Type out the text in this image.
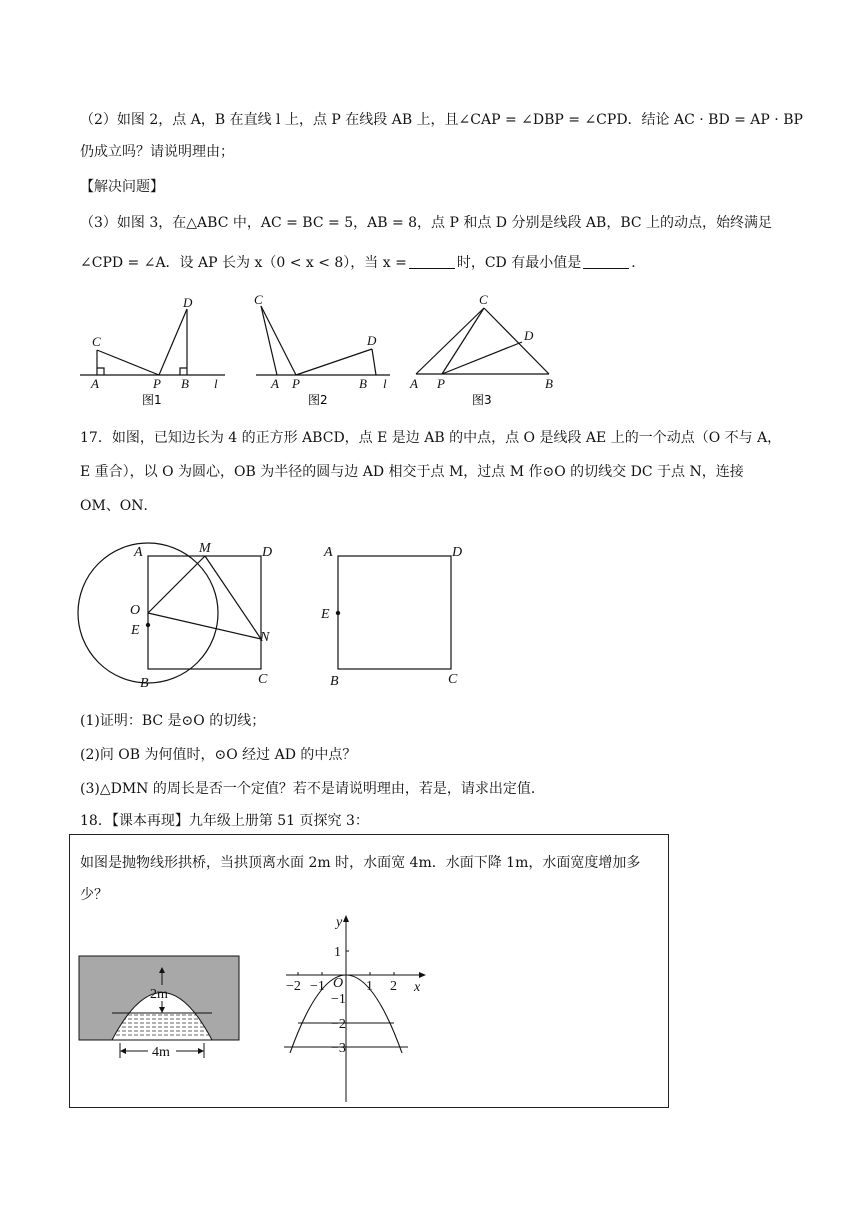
（2）如图 2，点 A，B 在直线 l 上，点 P 在线段 AB 上，且∠CAP = ∠DBP = ∠CPD．结论 AC · BD = AP · BP
仍成立吗？请说明理由；
【解决问题】
（3）如图 3，在△ABC 中，AC = BC = 5，AB = 8，点 P 和点 D 分别是线段 AB，BC 上的动点，始终满足
∠CPD = ∠A．设 AP 长为 x（0 < x < 8），当 x =	时，CD 有最小值是	．
C
A	P B
D
l
图1
C
A P
D
B l
图2
C
D
A P	B
图3
17．如图，已知边长为 4 的正方形 ABCD，点 E 是边 AB 的中点，点 O 是线段 AE 上的一个动点（O 不与 A，
E 重合），以 O 为圆心，OB 为半径的圆与边 AD 相交于点 M，过点 M 作⊙O 的切线交 DC 于点 N，连接
OM、ON．
A	M	D
O
E	N
B	C
A	D
E
B	C
(1)证明：BC 是⊙O 的切线；
(2)问 OB 为何值时，⊙O 经过 AD 的中点？
(3)△DMN 的周长是否一个定值？若不是请说明理由，若是，请求出定值．
18．【课本再现】九年级上册第 51 页探究 3：
如图是抛物线形拱桥，当拱顶离水面 2m 时，水面宽 4m．水面下降 1m，水面宽度增加多
少？
2m
4m
−2 −1	1 2
1
−1
−2
−3
O	x
y
